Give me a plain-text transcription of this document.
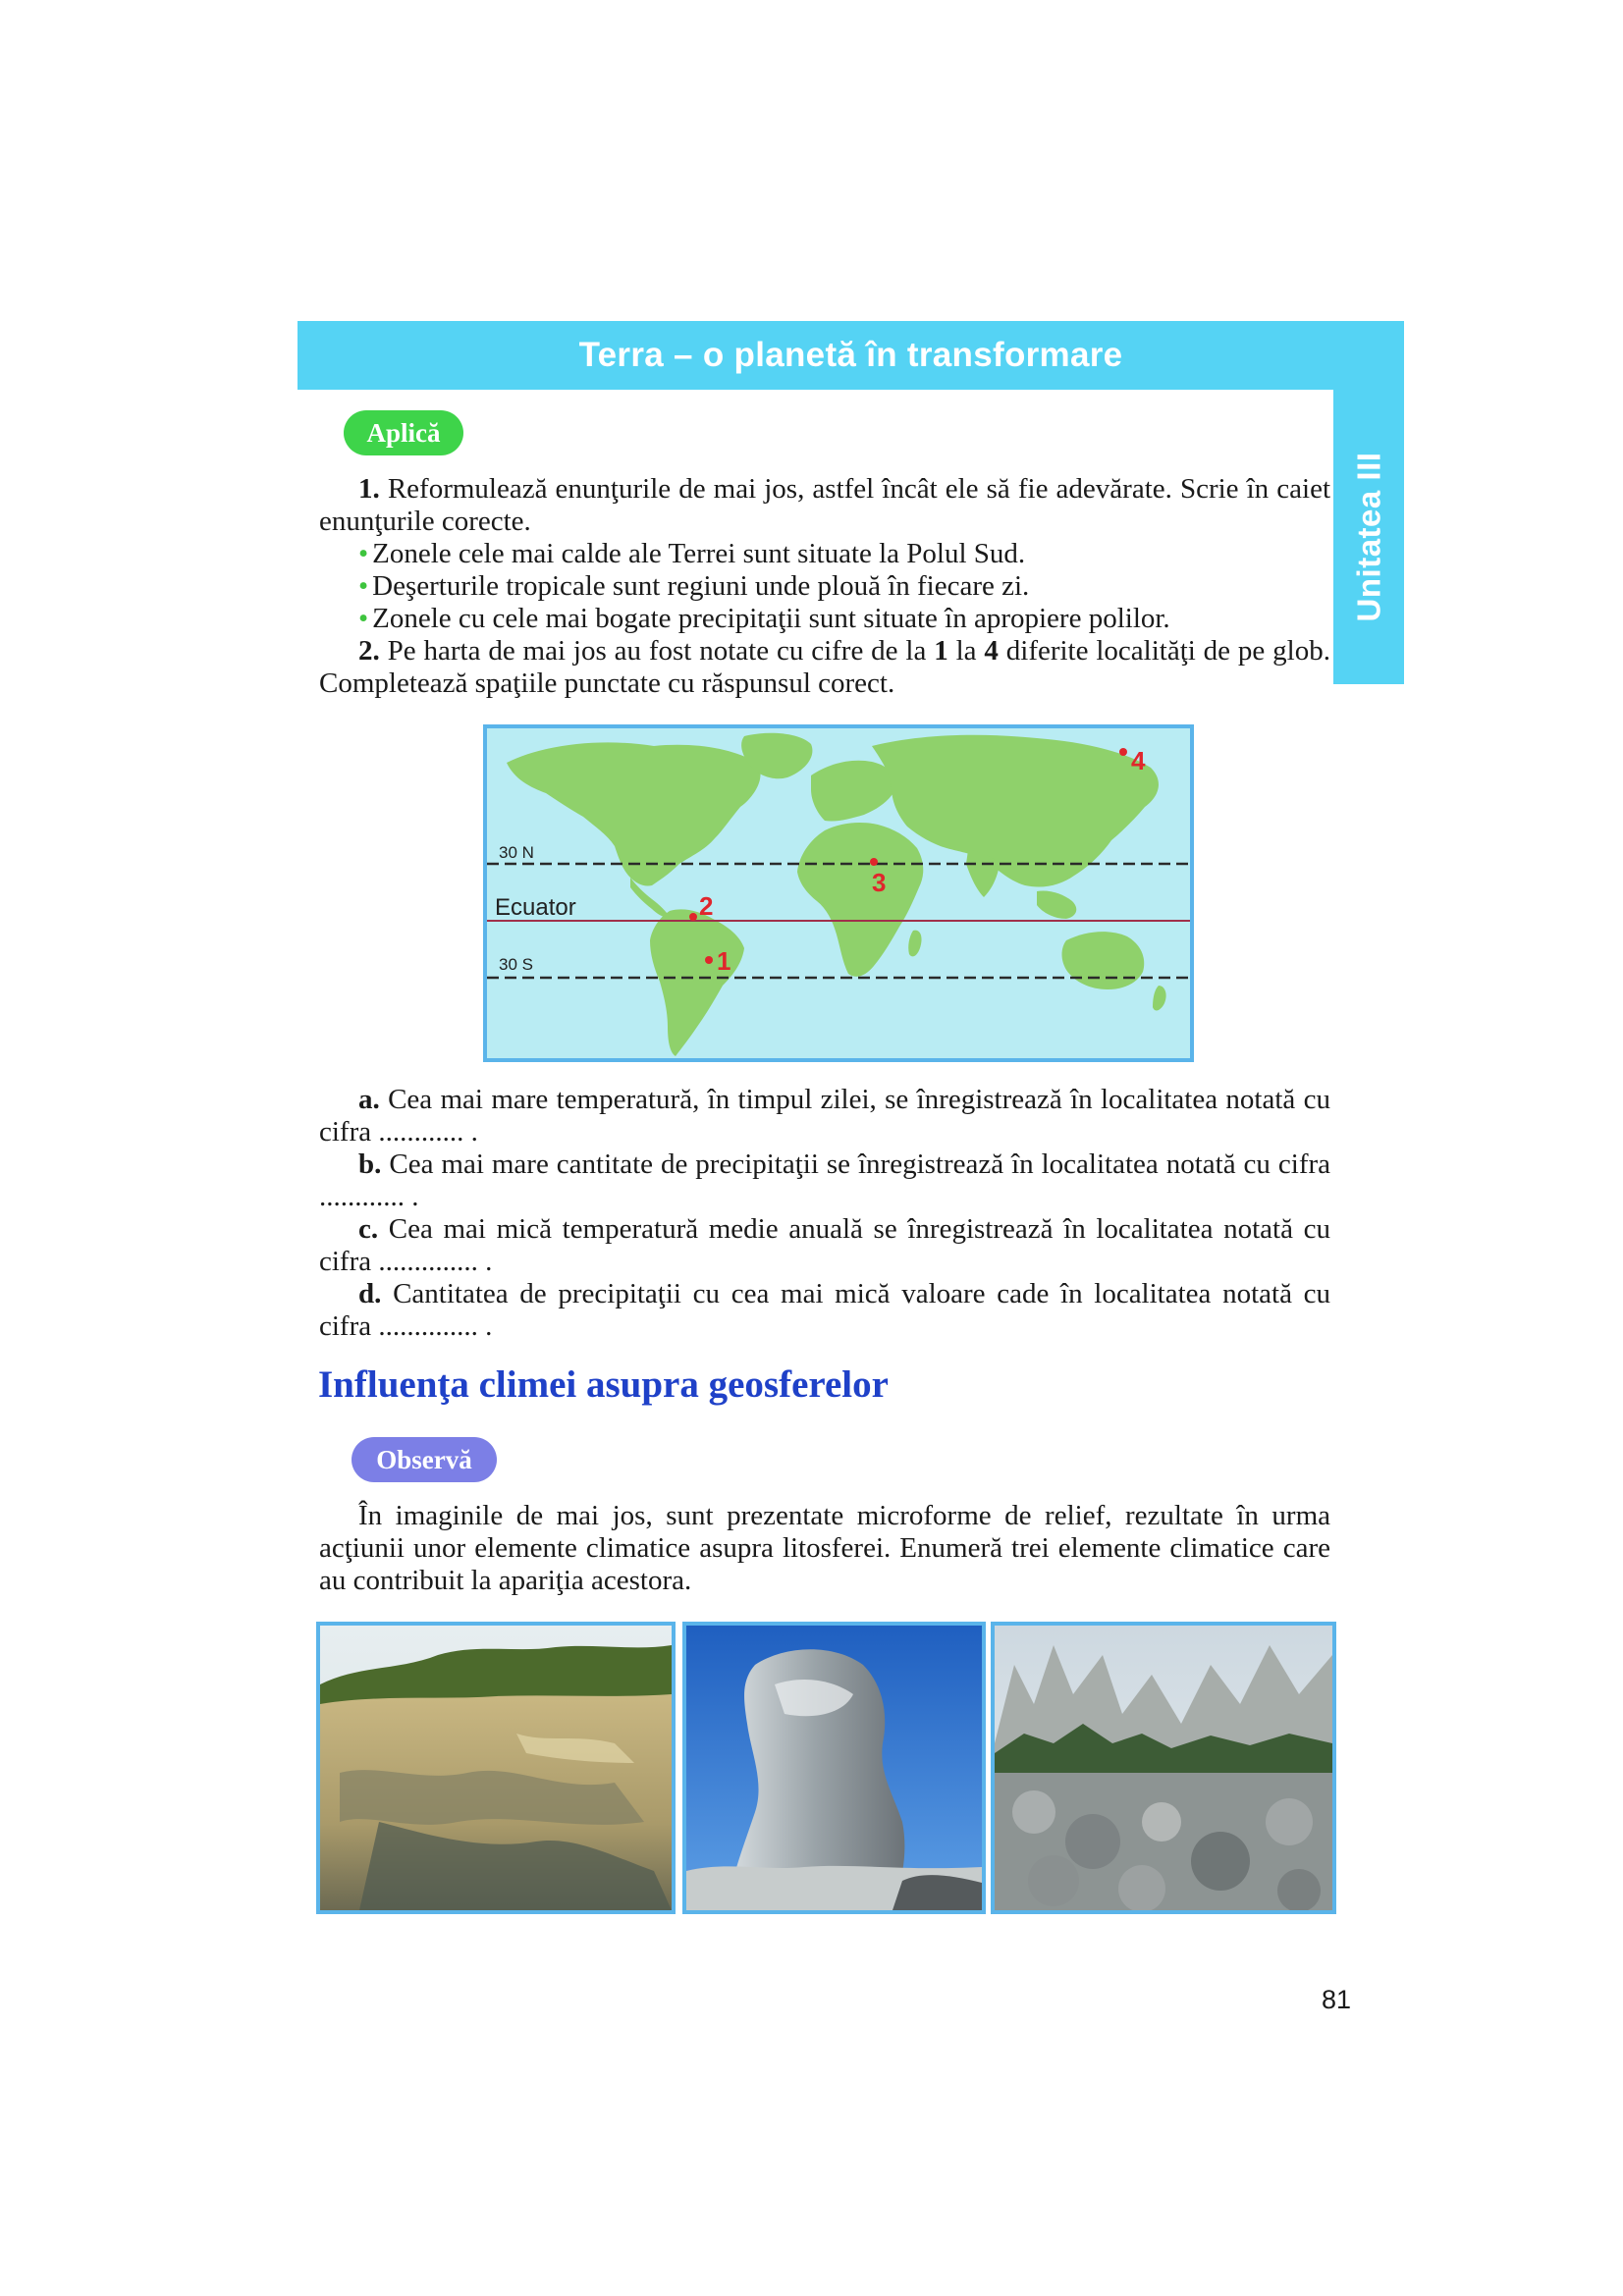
Terra – o planetă în transformare
Unitatea III
Aplică

1. Reformulează enunţurile de mai jos, astfel încât ele să fie adevărate. Scrie în caiet enunţurile corecte.

• Zonele cele mai calde ale Terrei sunt situate la Polul Sud.

• Deşerturile tropicale sunt regiuni unde plouă în fiecare zi.

• Zonele cu cele mai bogate precipitaţii sunt situate în apropiere polilor.

2. Pe harta de mai jos au fost notate cu cifre de la 1 la 4 diferite localităţi de pe glob. Completează spaţiile punctate cu răspunsul corect.

30 N
Ecuator
30 S	1
2
3
4

a. Cea mai mare temperatură, în timpul zilei, se înregistrează în localitatea notată cu cifra ............ .

b. Cea mai mare cantitate de precipitaţii se înregistrează în localitatea notată cu cifra ............ .

c. Cea mai mică temperatură medie anuală se înregistrează în localitatea notată cu cifra .............. .

d. Cantitatea de precipitaţii cu cea mai mică valoare cade în localitatea notată cu cifra .............. .

Influenţa climei asupra geosferelor
Observă

În imaginile de mai jos, sunt prezentate microforme de relief, rezultate în urma acţiunii unor elemente climatice asupra litosferei. Enumeră trei elemente climatice care au contribuit la apariţia acestora.

81
